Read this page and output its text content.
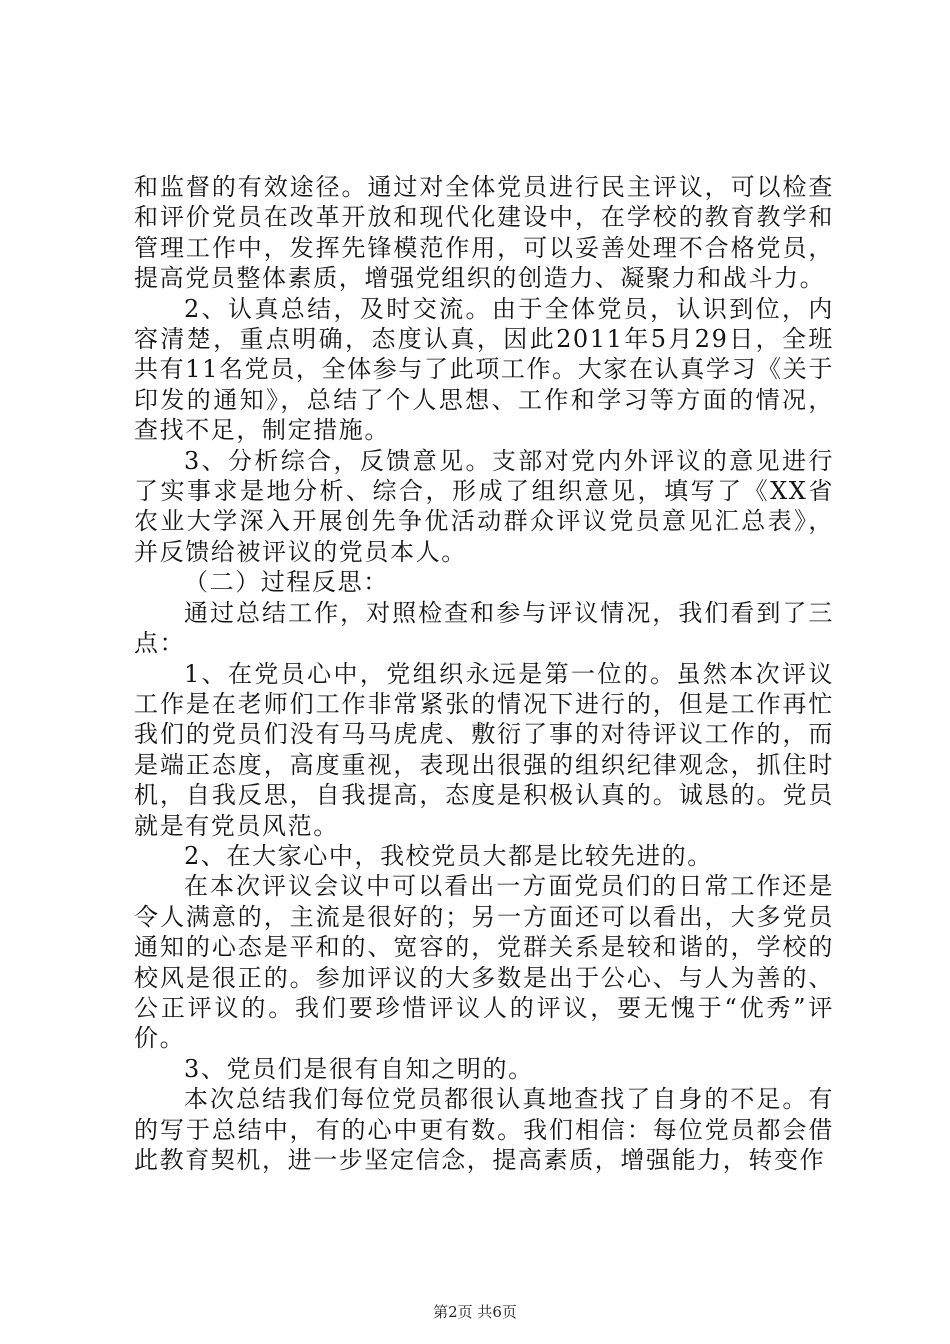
和监督的有效途径。通过对全体党员进行民主评议，可以检查和评价党员在改革开放和现代化建设中，在学校的教育教学和管理工作中，发挥先锋模范作用，可以妥善处理不合格党员，提高党员整体素质，增强党组织的创造力、凝聚力和战斗力。

2、认真总结，及时交流。由于全体党员，认识到位，内容清楚，重点明确，态度认真，因此2011年5月29日，全班共有11名党员，全体参与了此项工作。大家在认真学习《关于印发的通知》，总结了个人思想、工作和学习等方面的情况，查找不足，制定措施。

3、分析综合，反馈意见。支部对党内外评议的意见进行了实事求是地分析、综合，形成了组织意见，填写了《XX省农业大学深入开展创先争优活动群众评议党员意见汇总表》，并反馈给被评议的党员本人。

（二）过程反思：

通过总结工作，对照检查和参与评议情况，我们看到了三点：

1、在党员心中，党组织永远是第一位的。虽然本次评议工作是在老师们工作非常紧张的情况下进行的，但是工作再忙我们的党员们没有马马虎虎、敷衍了事的对待评议工作的，而是端正态度，高度重视，表现出很强的组织纪律观念，抓住时机，自我反思，自我提高，态度是积极认真的。诚恳的。党员就是有党员风范。

2、在大家心中，我校党员大都是比较先进的。

在本次评议会议中可以看出一方面党员们的日常工作还是令人满意的，主流是很好的；另一方面还可以看出，大多党员通知的心态是平和的、宽容的，党群关系是较和谐的，学校的校风是很正的。参加评议的大多数是出于公心、与人为善的、公正评议的。我们要珍惜评议人的评议，要无愧于“优秀”评价。

3、党员们是很有自知之明的。

本次总结我们每位党员都很认真地查找了自身的不足。有的写于总结中，有的心中更有数。我们相信：每位党员都会借此教育契机，进一步坚定信念，提高素质，增强能力，转变作

第2页 共6页
